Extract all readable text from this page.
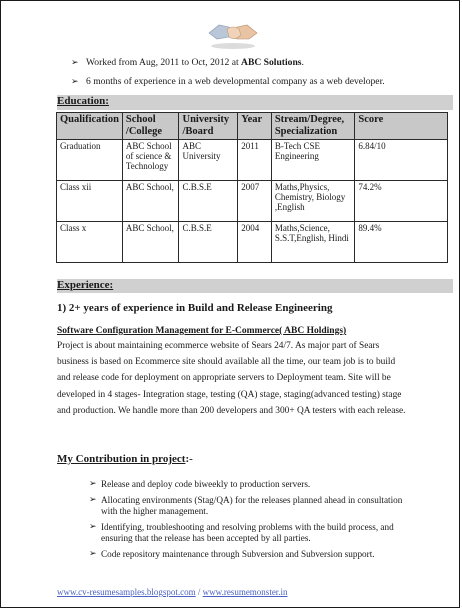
➢ Worked from Aug, 2011 to Oct, 2012 at ABC Solutions.
➢ 6 months of experience in a web developmental company as a web developer.
Education:
Qualification	School /College	University /Board	Year	Stream/Degree, Specialization	Score
Graduation	ABC School of science & Technology	ABC University	2011	B-Tech CSE Engineering	6.84/10
Class xii	ABC School,	C.B.S.E	2007	Maths,Physics, Chemistry, Biology ,English	74.2%
Class x	ABC School,	C.B.S.E	2004	Maths,Science, S.S.T,English, Hindi	89.4%
Experience:
1) 2+ years of experience in Build and Release Engineering
Software Configuration Management for E-Commerce( ABC Holdings)
Project is about maintaining ecommerce website of Sears 24/7. As major part of Sears business is based on Ecommerce site should available all the time, our team job is to build and release code for deployment on appropriate servers to Deployment team. Site will be developed in 4 stages- Integration stage, testing (QA) stage, staging(advanced testing) stage and production. We handle more than 200 developers and 300+ QA testers with each release.
My Contribution in project:-
➢ Release and deploy code biweekly to production servers.
➢ Allocating environments (Stag/QA) for the releases planned ahead in consultation with the higher management.
➢ Identifying, troubleshooting and resolving problems with the build process, and ensuring that the release has been accepted by all parties.
➢ Code repository maintenance through Subversion and Subversion support.
www.cv-resumesamples.blogspot.com / www.resumemonster.in
